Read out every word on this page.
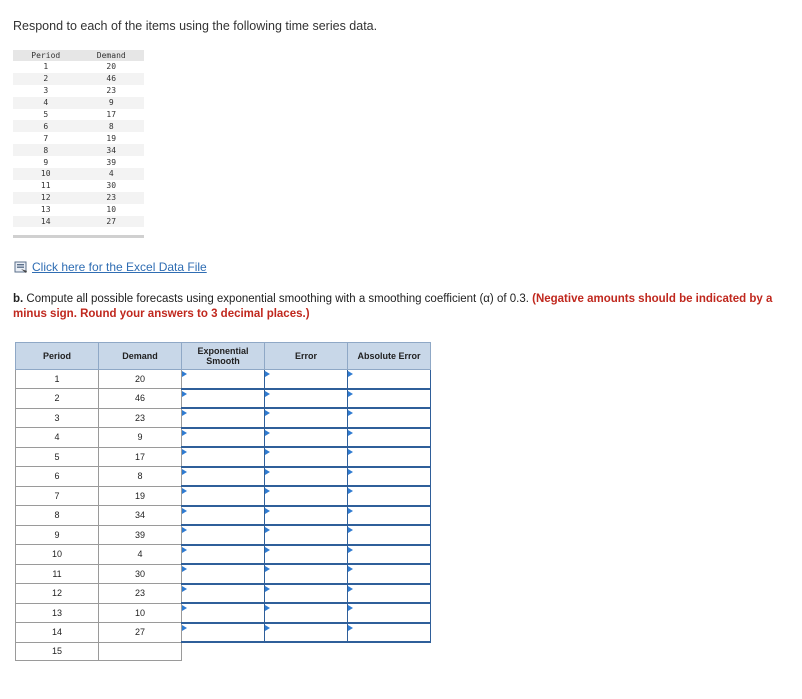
Respond to each of the items using the following time series data.
Period	Demand
1	20
2	46
3	23
4	9
5	17
6	8
7	19
8	34
9	39
10	4
11	30
12	23
13	10
14	27
Click here for the Excel Data File
b. Compute all possible forecasts using exponential smoothing with a smoothing coefficient (α) of 0.3. (Negative amounts should be indicated by a minus sign. Round your answers to 3 decimal places.)
Period	Demand	Exponential Smooth	Error	Absolute Error
1	20	

2	46	

3	23	

4	9	

5	17	

6	8	

7	19	

8	34	

9	39	

10	4	

11	30	

12	23	

13	10	

14	27	

15				
